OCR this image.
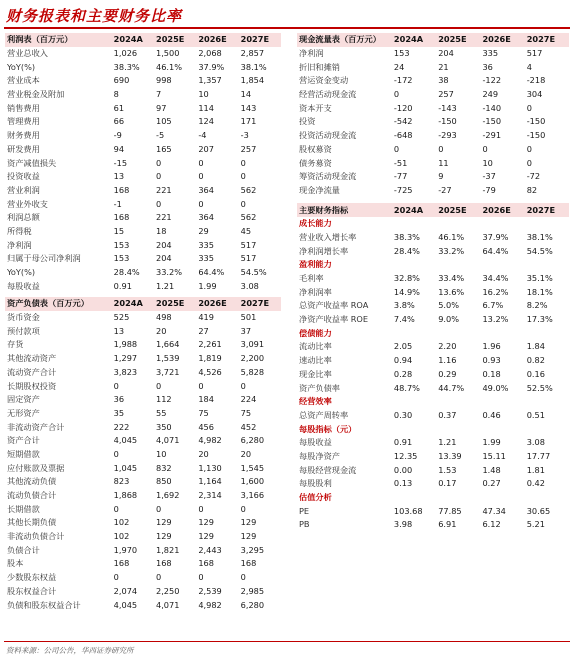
财务报表和主要财务比率
利润表（百万元）	2024A	2025E	2026E	2027E
营业总收入	1,026	1,500	2,068	2,857
YoY(%)	38.3%	46.1%	37.9%	38.1%
营业成本	690	998	1,357	1,854
营业税金及附加	8	7	10	14
销售费用	61	97	114	143
管理费用	66	105	124	171
财务费用	-9	-5	-4	-3
研发费用	94	165	207	257
资产减值损失	-15	0	0	0
投资收益	13	0	0	0
营业利润	168	221	364	562
营业外收支	-1	0	0	0
利润总额	168	221	364	562
所得税	15	18	29	45
净利润	153	204	335	517
归属于母公司净利润	153	204	335	517
YoY(%)	28.4%	33.2%	64.4%	54.5%
每股收益	0.91	1.21	1.99	3.08
资产负债表（百万元）	2024A	2025E	2026E	2027E
货币资金	525	498	419	501
预付款项	13	20	27	37
存货	1,988	1,664	2,261	3,091
其他流动资产	1,297	1,539	1,819	2,200
流动资产合计	3,823	3,721	4,526	5,828
长期股权投资	0	0	0	0
固定资产	36	112	184	224
无形资产	35	55	75	75
非流动资产合计	222	350	456	452
资产合计	4,045	4,071	4,982	6,280
短期借款	0	10	20	20
应付账款及票据	1,045	832	1,130	1,545
其他流动负债	823	850	1,164	1,600
流动负债合计	1,868	1,692	2,314	3,166
长期借款	0	0	0	0
其他长期负债	102	129	129	129
非流动负债合计	102	129	129	129
负债合计	1,970	1,821	2,443	3,295
股本	168	168	168	168
少数股东权益	0	0	0	0
股东权益合计	2,074	2,250	2,539	2,985
负债和股东权益合计	4,045	4,071	4,982	6,280
现金流量表（百万元）	2024A	2025E	2026E	2027E
净利润	153	204	335	517
折旧和摊销	24	21	36	4
营运资金变动	-172	38	-122	-218
经营活动现金流	0	257	249	304
资本开支	-120	-143	-140	0
投资	-542	-150	-150	-150
投资活动现金流	-648	-293	-291	-150
股权募资	0	0	0	0
债务募资	-51	11	10	0
筹资活动现金流	-77	9	-37	-72
现金净流量	-725	-27	-79	82
主要财务指标	2024A	2025E	2026E	2027E
成长能力				
营业收入增长率	38.3%	46.1%	37.9%	38.1%
净利润增长率	28.4%	33.2%	64.4%	54.5%
盈利能力				
毛利率	32.8%	33.4%	34.4%	35.1%
净利润率	14.9%	13.6%	16.2%	18.1%
总资产收益率 ROA	3.8%	5.0%	6.7%	8.2%
净资产收益率 ROE	7.4%	9.0%	13.2%	17.3%
偿债能力				
流动比率	2.05	2.20	1.96	1.84
速动比率	0.94	1.16	0.93	0.82
现金比率	0.28	0.29	0.18	0.16
资产负债率	48.7%	44.7%	49.0%	52.5%
经营效率				
总资产周转率	0.30	0.37	0.46	0.51
每股指标（元）				
每股收益	0.91	1.21	1.99	3.08
每股净资产	12.35	13.39	15.11	17.77
每股经营现金流	0.00	1.53	1.48	1.81
每股股利	0.13	0.17	0.27	0.42
估值分析				
PE	103.68	77.85	47.34	30.65
PB	3.98	6.91	6.12	5.21
资料来源：公司公告，华西证券研究所
